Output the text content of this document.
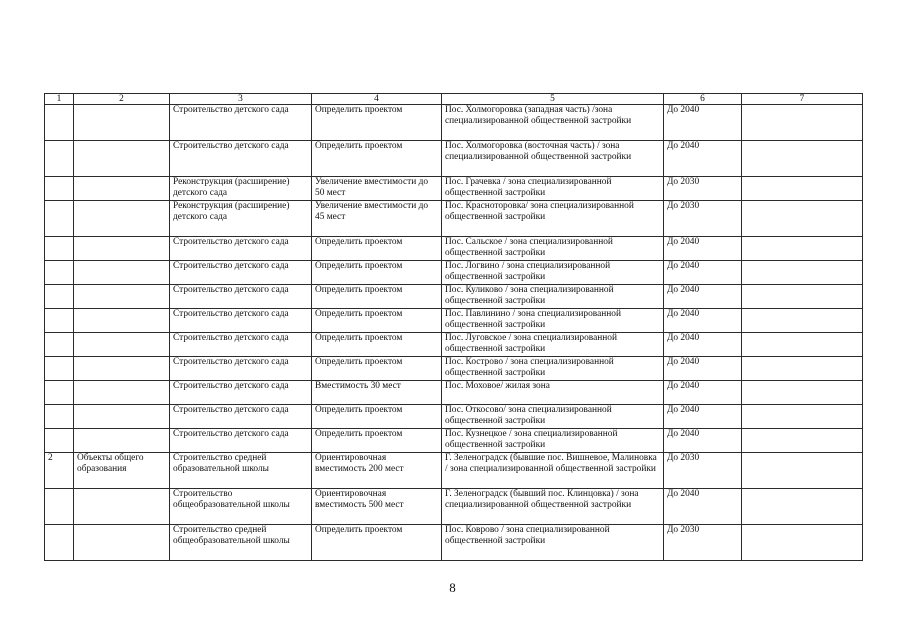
1	2	3	4	5	6	7
		Строительство детского сада	Определить проектом	Пос. Холмогоровка (западная часть) /зона специализированной общественной застройки	До 2040	
		Строительство детского сада	Определить проектом	Пос. Холмогоровка (восточная часть) / зона специализированной общественной застройки	До 2040	
		Реконструкция (расширение) детского сада	Увеличение вместимости до 50 мест	Пос. Грачевка / зона специализированной общественной застройки	До 2030	
		Реконструкция (расширение) детского сада	Увеличение вместимости до 45 мест	Пос. Красноторовка/ зона специализированной общественной застройки	До 2030	
		Строительство детского сада	Определить проектом	Пос. Сальское / зона специализированной общественной застройки	До 2040	
		Строительство детского сада	Определить проектом	Пос. Логвино / зона специализированной общественной застройки	До 2040	
		Строительство детского сада	Определить проектом	Пос. Куликово / зона специализированной общественной застройки	До 2040	
		Строительство детского сада	Определить проектом	Пос. Павлинино / зона специализированной общественной застройки	До 2040	
		Строительство детского сада	Определить проектом	Пос. Луговское / зона специализированной общественной застройки	До 2040	
		Строительство детского сада	Определить проектом	Пос. Кострово / зона специализированной общественной застройки	До 2040	
		Строительство детского сада	Вместимость 30 мест	Пос. Моховое/ жилая зона	До 2040	
		Строительство детского сада	Определить проектом	Пос. Откосово/ зона специализированной общественной застройки	До 2040	
		Строительство детского сада	Определить проектом	Пос. Кузнецкое / зона специализированной общественной застройки	До 2040	
2	Объекты общего образования	Строительство средней образовательной школы	Ориентировочная вместимость 200 мест	Г. Зеленоградск (бывшие пос. Вишневое, Малиновка / зона специализированной общественной застройки	До 2030	
		Строительство общеобразовательной школы	Ориентировочная вместимость 500 мест	Г. Зеленоградск (бывший пос. Клинцовка) / зона специализированной общественной застройки	До 2040	
		Строительство средней общеобразовательной школы	Определить проектом	Пос. Коврово / зона специализированной общественной застройки	До 2030	
8
